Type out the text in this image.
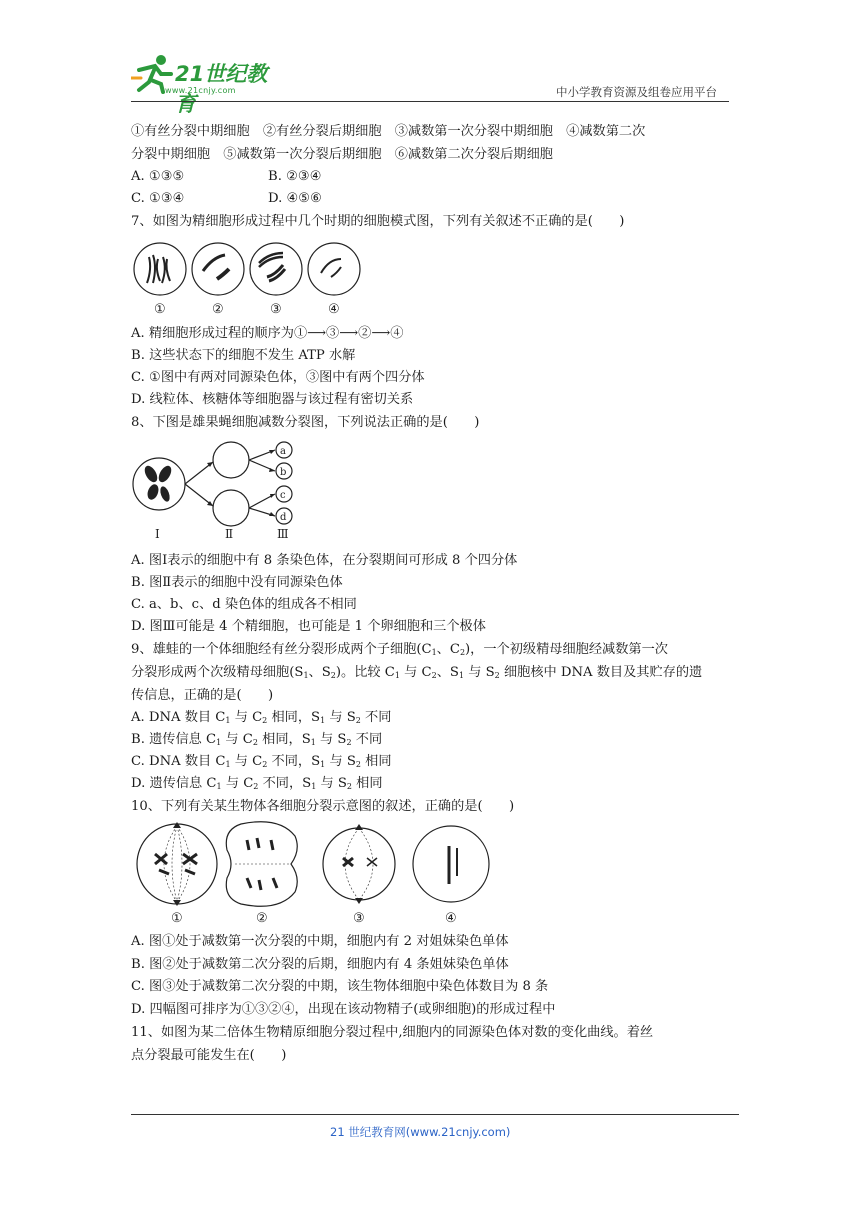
21世纪教育
www.21cnjy.com	中小学教育资源及组卷应用平台
①有丝分裂中期细胞　②有丝分裂后期细胞　③减数第一次分裂中期细胞　④减数第二次
分裂中期细胞　⑤减数第一次分裂后期细胞　⑥减数第二次分裂后期细胞
A. ①③⑤	B. ②③④
C. ①③④	D. ④⑤⑥
7、如图为精细胞形成过程中几个时期的细胞模式图，下列有关叙述不正确的是(　　)
①	②	③	④
A. 精细胞形成过程的顺序为①⟶③⟶②⟶④
B. 这些状态下的细胞不发生 ATP 水解
C. ①图中有两对同源染色体，③图中有两个四分体
D. 线粒体、核糖体等细胞器与该过程有密切关系
8、下图是雄果蝇细胞减数分裂图，下列说法正确的是(　　)
a
b
c
d
Ⅰ	Ⅱ	Ⅲ
A. 图Ⅰ表示的细胞中有 8 条染色体，在分裂期间可形成 8 个四分体
B. 图Ⅱ表示的细胞中没有同源染色体
C. a、b、c、d 染色体的组成各不相同
D. 图Ⅲ可能是 4 个精细胞，也可能是 1 个卵细胞和三个极体
9、雄蛙的一个体细胞经有丝分裂形成两个子细胞($C_1$、$C_2$)，一个初级精母细胞经减数第一次
分裂形成两个次级精母细胞($S_1$、$S_2$)。比较 $C_1$ 与 $C_2$、$S_1$ 与 $S_2$ 细胞核中 DNA 数目及其贮存的遗
传信息，正确的是(　　)
A. DNA 数目 $C_1$ 与 $C_2$ 相同，$S_1$ 与 $S_2$ 不同
B. 遗传信息 $C_1$ 与 $C_2$ 相同，$S_1$ 与 $S_2$ 不同
C. DNA 数目 $C_1$ 与 $C_2$ 不同，$S_1$ 与 $S_2$ 相同
D. 遗传信息 $C_1$ 与 $C_2$ 不同，$S_1$ 与 $S_2$ 相同
10、下列有关某生物体各细胞分裂示意图的叙述，正确的是(　　)
①	②	③	④
A. 图①处于减数第一次分裂的中期，细胞内有 2 对姐妹染色单体
B. 图②处于减数第二次分裂的后期，细胞内有 4 条姐妹染色单体
C. 图③处于减数第二次分裂的中期，该生物体细胞中染色体数目为 8 条
D. 四幅图可排序为①③②④，出现在该动物精子(或卵细胞)的形成过程中
11、如图为某二倍体生物精原细胞分裂过程中,细胞内的同源染色体对数的变化曲线。着丝
点分裂最可能发生在(　　)
21 世纪教育网(www.21cnjy.com)
